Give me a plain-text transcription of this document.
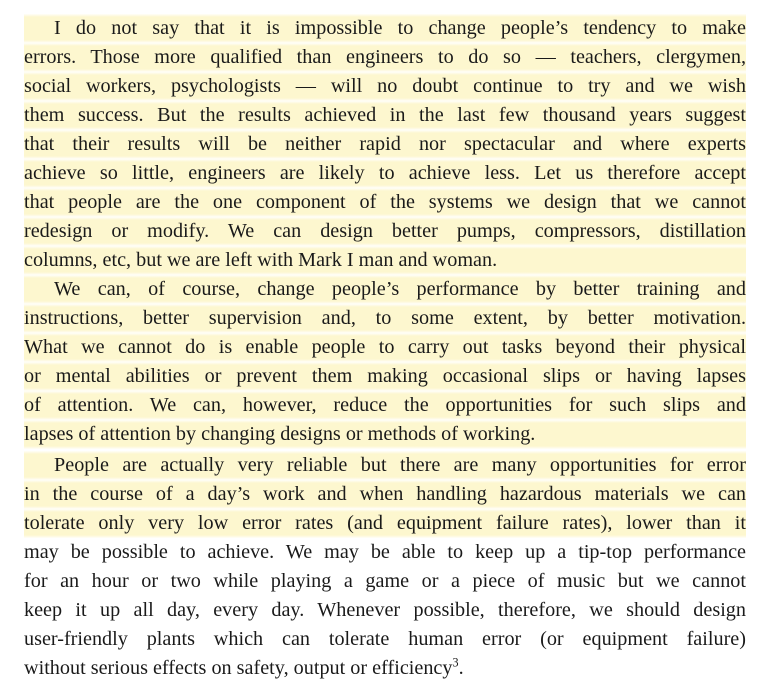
I do not say that it is impossible to change people’s tendency to make
errors. Those more qualified than engineers to do so — teachers, clergymen,
social workers, psychologists — will no doubt continue to try and we wish
them success. But the results achieved in the last few thousand years suggest
that their results will be neither rapid nor spectacular and where experts
achieve so little, engineers are likely to achieve less. Let us therefore accept
that people are the one component of the systems we design that we cannot
redesign or modify. We can design better pumps, compressors, distillation
columns, etc, but we are left with Mark I man and woman.
We can, of course, change people’s performance by better training and
instructions, better supervision and, to some extent, by better motivation.
What we cannot do is enable people to carry out tasks beyond their physical
or mental abilities or prevent them making occasional slips or having lapses
of attention. We can, however, reduce the opportunities for such slips and
lapses of attention by changing designs or methods of working.
People are actually very reliable but there are many opportunities for error
in the course of a day’s work and when handling hazardous materials we can
tolerate only very low error rates (and equipment failure rates), lower than it
may be possible to achieve. We may be able to keep up a tip-top performance
for an hour or two while playing a game or a piece of music but we cannot
keep it up all day, every day. Whenever possible, therefore, we should design
user-friendly plants which can tolerate human error (or equipment failure)
without serious effects on safety, output or efficiency$^3$.
